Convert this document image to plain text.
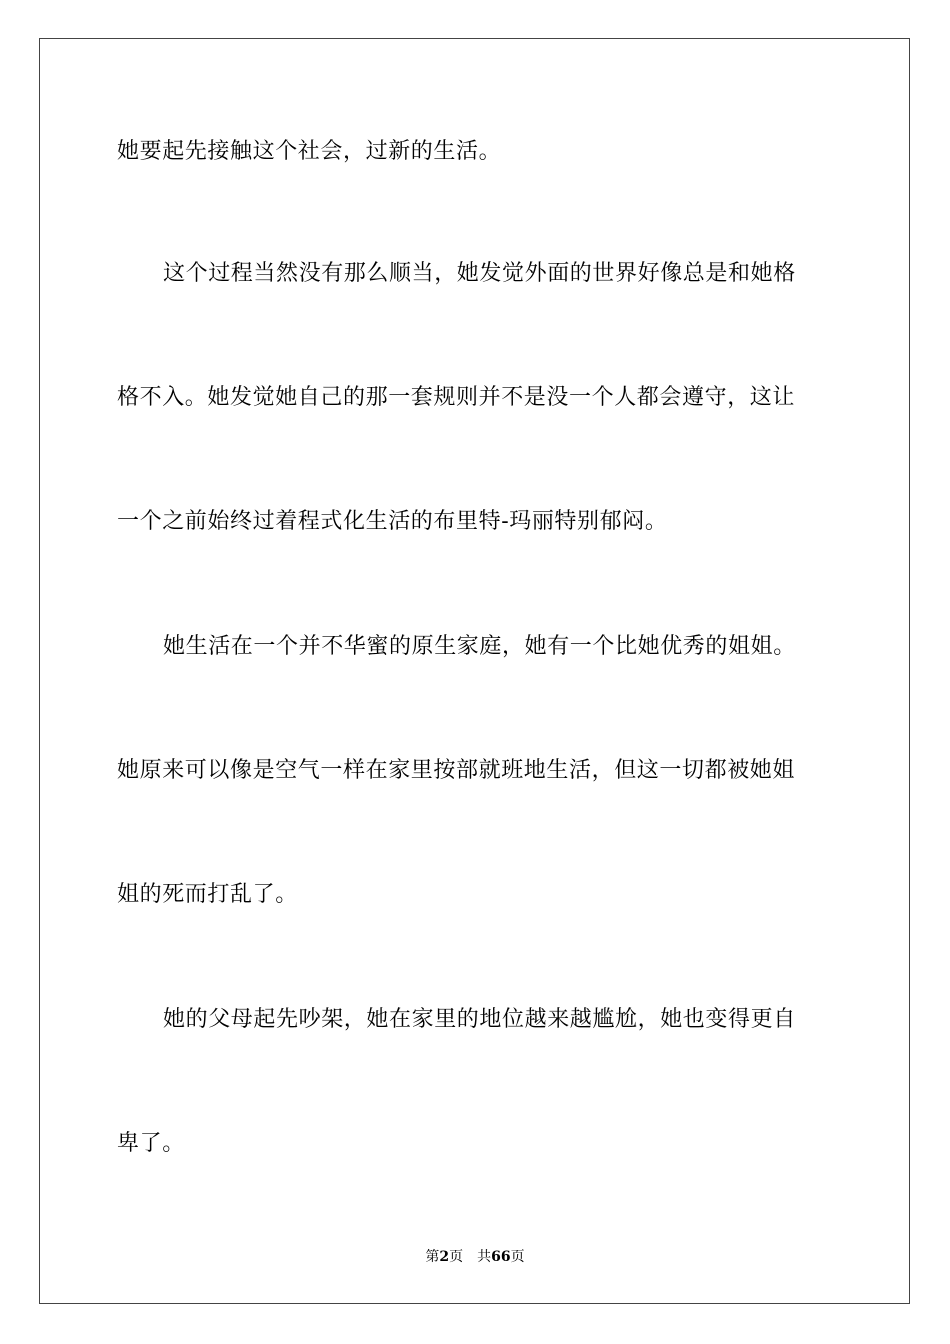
她要起先接触这个社会，过新的生活。
这个过程当然没有那么顺当，她发觉外面的世界好像总是和她格
格不入。她发觉她自己的那一套规则并不是没一个人都会遵守，这让
一个之前始终过着程式化生活的布里特-玛丽特别郁闷。
她生活在一个并不华蜜的原生家庭，她有一个比她优秀的姐姐。
她原来可以像是空气一样在家里按部就班地生活，但这一切都被她姐
姐的死而打乱了。
她的父母起先吵架，她在家里的地位越来越尴尬，她也变得更自
卑了。
第2页　共66页
